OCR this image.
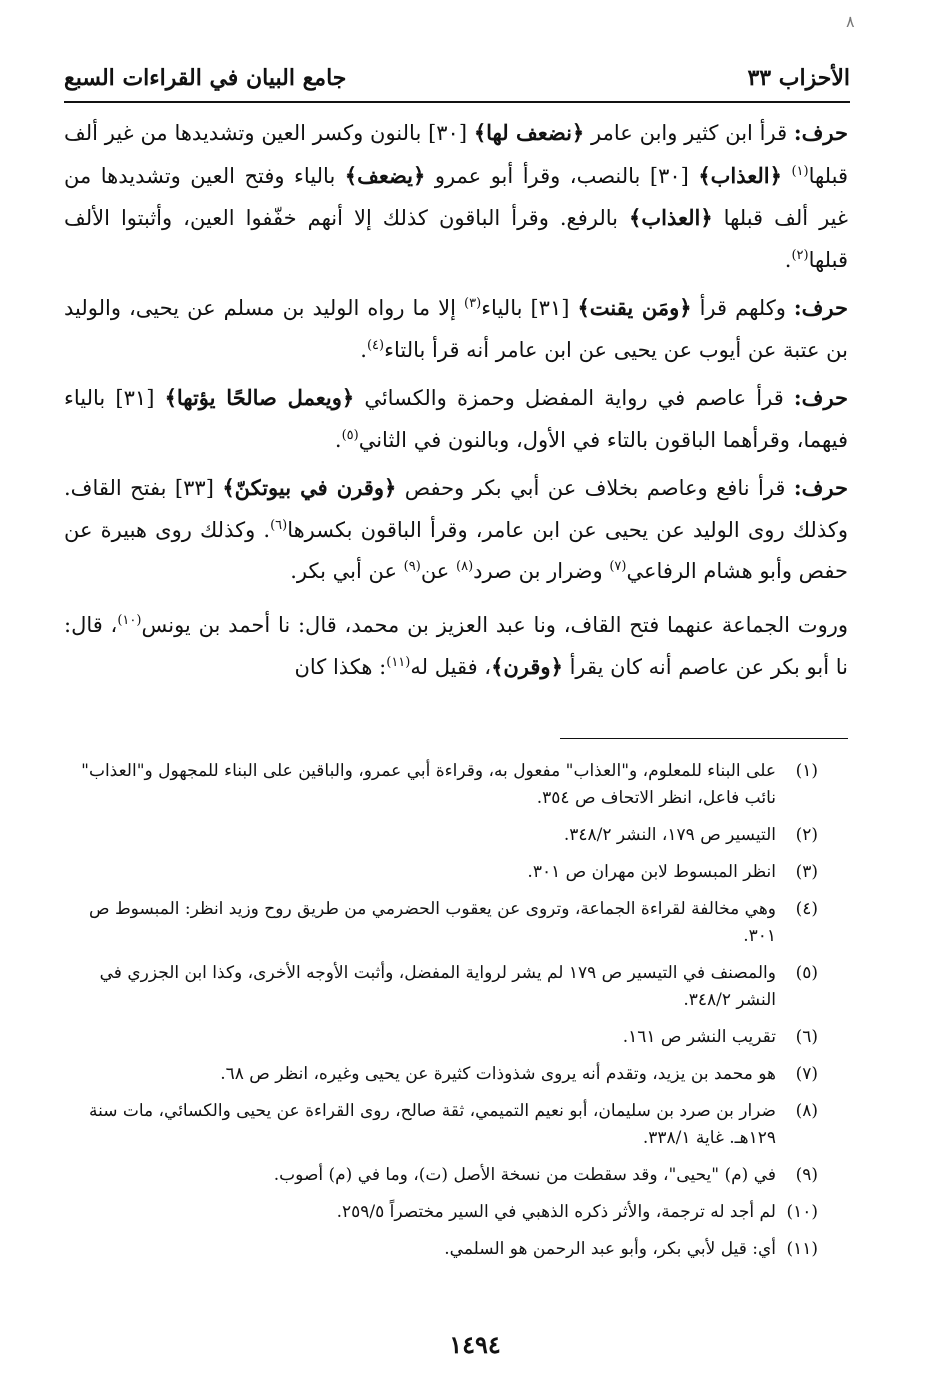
٨
الأحزاب ٣٣
جامع البيان في القراءات السبع

حرف: قرأ ابن كثير وابن عامر ﴿نضعف لها﴾ [٣٠] بالنون وكسر العين وتشديدها من غير ألف قبلها$^{(١)}$ ﴿العذاب﴾ [٣٠] بالنصب، وقرأ أبو عمرو ﴿يضعف﴾ بالياء وفتح العين وتشديدها من غير ألف قبلها ﴿العذاب﴾ بالرفع. وقرأ الباقون كذلك إلا أنهم خفّفوا العين، وأثبتوا الألف قبلها$^{(٢)}$.

حرف: وكلهم قرأ ﴿ومَن يقنت﴾ [٣١] بالياء$^{(٣)}$ إلا ما رواه الوليد بن مسلم عن يحيى، والوليد بن عتبة عن أيوب عن يحيى عن ابن عامر أنه قرأ بالتاء$^{(٤)}$.

حرف: قرأ عاصم في رواية المفضل وحمزة والكسائي ﴿ويعمل صالحًا يؤتها﴾ [٣١] بالياء فيهما، وقرأهما الباقون بالتاء في الأول، وبالنون في الثاني$^{(٥)}$.

حرف: قرأ نافع وعاصم بخلاف عن أبي بكر وحفص ﴿وقرن في بيوتكنّ﴾ [٣٣] بفتح القاف. وكذلك روى الوليد عن يحيى عن ابن عامر، وقرأ الباقون بكسرها$^{(٦)}$. وكذلك روى هبيرة عن حفص وأبو هشام الرفاعي$^{(٧)}$ وضرار بن صرد$^{(٨)}$ عن$^{(٩)}$ عن أبي بكر.

وروت الجماعة عنهما فتح القاف، ونا عبد العزيز بن محمد، قال: نا أحمد بن يونس$^{(١٠)}$، قال: نا أبو بكر عن عاصم أنه كان يقرأ ﴿وقرن﴾، فقيل له$^{(١١)}$: هكذا كان

(١)
على البناء للمعلوم، و"العذاب" مفعول به، وقراءة أبي عمرو، والباقين على البناء للمجهول و"العذاب" نائب فاعل، انظر الاتحاف ص ٣٥٤.
(٢)
التيسير ص ١٧٩، النشر ٣٤٨/٢.
(٣)
انظر المبسوط لابن مهران ص ٣٠١.
(٤)
وهي مخالفة لقراءة الجماعة، وتروى عن يعقوب الحضرمي من طريق روح وزيد انظر: المبسوط ص ٣٠١.
(٥)
والمصنف في التيسير ص ١٧٩ لم يشر لرواية المفضل، وأثبت الأوجه الأخرى، وكذا ابن الجزري في النشر ٣٤٨/٢.
(٦)
تقريب النشر ص ١٦١.
(٧)
هو محمد بن يزيد، وتقدم أنه يروى شذوذات كثيرة عن يحيى وغيره، انظر ص ٦٨.
(٨)
ضرار بن صرد بن سليمان، أبو نعيم التميمي، ثقة صالح، روى القراءة عن يحيى والكسائي، مات سنة ١٢٩هـ. غاية ٣٣٨/١.
(٩)
في (م) "يحيى"، وقد سقطت من نسخة الأصل (ت)، وما في (م) أصوب.
(١٠)
لم أجد له ترجمة، والأثر ذكره الذهبي في السير مختصراً ٢٥٩/٥.
(١١)
أي: قيل لأبي بكر، وأبو عبد الرحمن هو السلمي.
١٤٩٤
